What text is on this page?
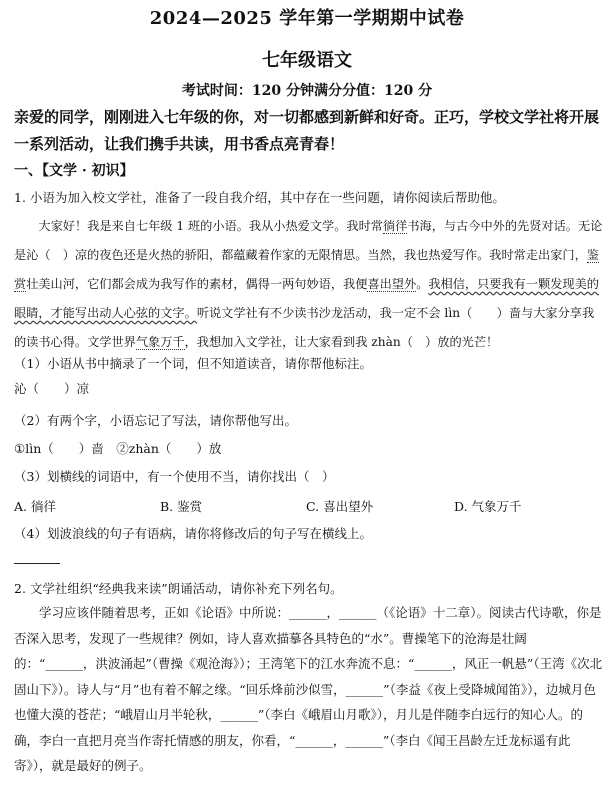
2024—2025 学年第一学期期中试卷
七年级语文
考试时间：120 分钟满分分值：120 分
亲爱的同学，刚刚进入七年级的你，对一切都感到新鲜和好奇。正巧，学校文学社将开展一系列活动，让我们携手共读，用书香点亮青春！
一、【文学 · 初识】
1. 小语为加入校文学社，准备了一段自我介绍，其中存在一些问题，请你阅读后帮助他。
大家好！我是来自七年级 1 班的小语。我从小热爱文学。我时常徜徉书海，与古今中外的先贤对话。无论是沁（　）凉的夜色还是火热的骄阳，都蕴藏着作家的无限情思。当然，我也热爱写作。我时常走出家门，鉴赏壮美山河，它们都会成为我写作的素材，偶得一两句妙语，我便喜出望外。我相信，只要我有一颗发现美的眼睛，才能写出动人心弦的文字。听说文学社有不少读书沙龙活动，我一定不会 lìn（　　）啬与大家分享我的读书心得。文学世界气象万千，我想加入文学社，让大家看到我 zhàn（　）放的光芒！
（1）小语从书中摘录了一个词，但不知道读音，请你帮他标注。
沁（　　）凉
（2）有两个字，小语忘记了写法，请你帮他写出。
①lìn（　　）啬　②zhàn（　　）放
（3）划横线的词语中，有一个使用不当，请你找出（　）
A. 徜徉	B. 鉴赏	C. 喜出望外	D. 气象万千
（4）划波浪线的句子有语病，请你将修改后的句子写在横线上。
2. 文学社组织“经典我来读”朗诵活动，请你补充下列名句。
学习应该伴随着思考，正如《论语》中所说：______，______（《论语》十二章）。阅读古代诗歌，你是否深入思考，发现了一些规律？例如，诗人喜欢描摹各具特色的“水”。曹操笔下的沧海是壮阔的：“______，洪波涌起”（曹操《观沧海》）；王湾笔下的江水奔流不息：“______，风正一帆悬”（王湾《次北固山下》）。诗人与“月”也有着不解之缘。“回乐烽前沙似雪，______”（李益《夜上受降城闻笛》），边城月色也懂大漠的苍茫；“峨眉山月半轮秋，______”（李白《峨眉山月歌》），月儿是伴随李白远行的知心人。的确，李白一直把月亮当作寄托情感的朋友，你看，“______，______”（李白《闻王昌龄左迁龙标遥有此寄》），就是最好的例子。
